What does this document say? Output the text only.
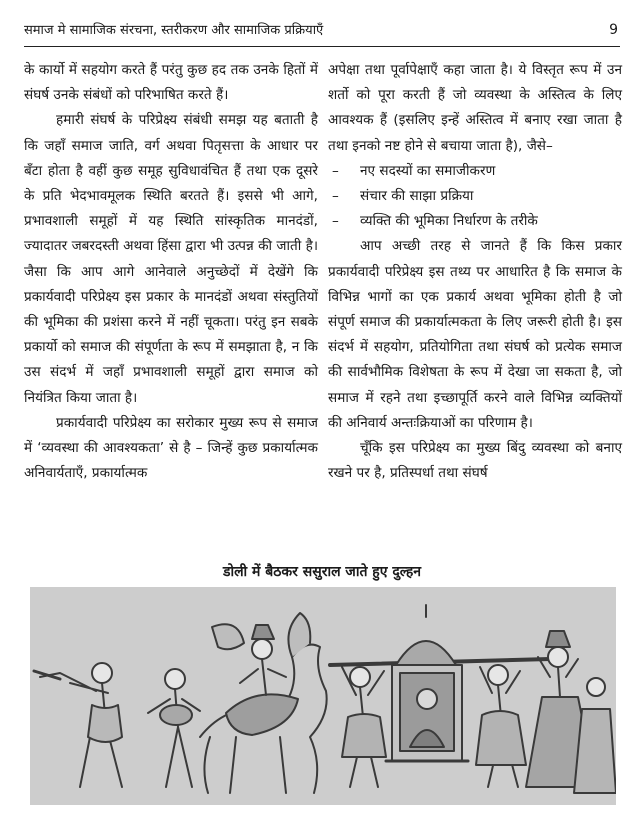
समाज मे सामाजिक संरचना, स्तरीकरण और सामाजिक प्रक्रियाएँ	9

के कार्यो में सहयोग करते हैं परंतु कुछ हद तक उनके हितों में संघर्ष उनके संबंधों को परिभाषित करते हैं।

हमारी संघर्ष के परिप्रेक्ष्य संबंधी समझ यह बताती है कि जहाँ समाज जाति, वर्ग अथवा पितृसत्ता के आधार पर बँटा होता है वहीं कुछ समूह सुविधावंचित हैं तथा एक दूसरे के प्रति भेदभावमूलक स्थिति बरतते हैं। इससे भी आगे, प्रभावशाली समूहों में यह स्थिति सांस्कृतिक मानदंडों, ज्यादातर जबरदस्ती अथवा हिंसा द्वारा भी उत्पन्न की जाती है। जैसा कि आप आगे आनेवाले अनुच्छेदों में देखेंगे कि प्रकार्यवादी परिप्रेक्ष्य इस प्रकार के मानदंडों अथवा संस्तुतियों की भूमिका की प्रशंसा करने में नहीं चूकता। परंतु इन सबके प्रकार्यो को समाज की संपूर्णता के रूप में समझाता है, न कि उस संदर्भ में जहाँ प्रभावशाली समूहों द्वारा समाज को नियंत्रित किया जाता है।

प्रकार्यवादी परिप्रेक्ष्य का सरोकार मुख्य रूप से समाज में ‘व्यवस्था की आवश्यकता’ से है – जिन्हें कुछ प्रकार्यात्मक अनिवार्यताएँ, प्रकार्यात्मक

अपेक्षा तथा पूर्वापेक्षाएँ कहा जाता है। ये विस्तृत रूप में उन शर्तो को पूरा करती हैं जो व्यवस्था के अस्तित्व के लिए आवश्यक हैं (इसलिए इन्हें अस्तित्व में बनाए रखा जाता है तथा इनको नष्ट होने से बचाया जाता है), जैसे–

– नए सदस्यों का समाजीकरण
– संचार की साझा प्रक्रिया
– व्यक्ति की भूमिका निर्धारण के तरीके

आप अच्छी तरह से जानते हैं कि किस प्रकार प्रकार्यवादी परिप्रेक्ष्य इस तथ्य पर आधारित है कि समाज के विभिन्न भागों का एक प्रकार्य अथवा भूमिका होती है जो संपूर्ण समाज की प्रकार्यात्मकता के लिए जरूरी होती है। इस संदर्भ में सहयोग, प्रतियोगिता तथा संघर्ष को प्रत्येक समाज की सार्वभौमिक विशेषता के रूप में देखा जा सकता है, जो समाज में रहने तथा इच्छापूर्ति करने वाले विभिन्न व्यक्तियों की अनिवार्य अन्तःक्रियाओं का परिणाम है।

चूँकि इस परिप्रेक्ष्य का मुख्य बिंदु व्यवस्था को बनाए रखने पर है, प्रतिस्पर्धा तथा संघर्ष

डोली में बैठकर ससुराल जाते हुए दुल्हन
